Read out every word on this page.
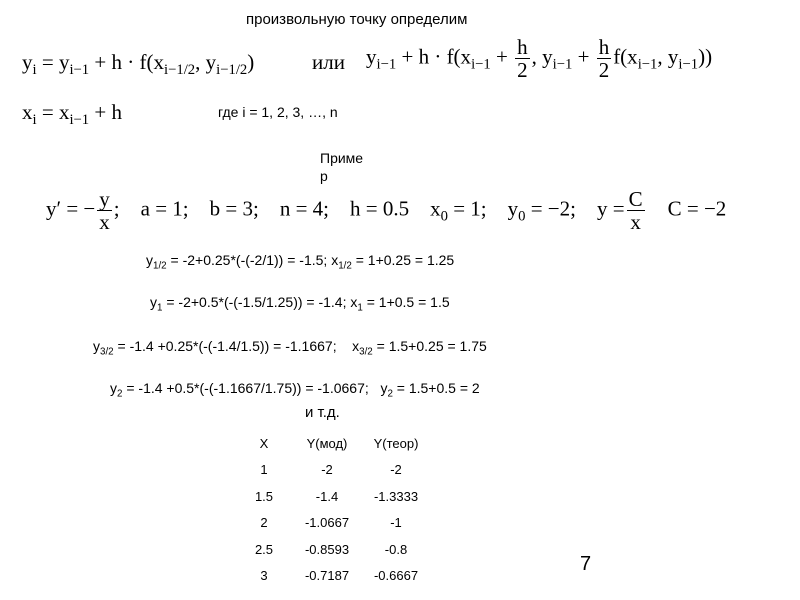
произвольную точку определим
$y_i = y_{i-1} + h \cdot f(x_{i-1/2}$, $y_{i-1/2}$)	или $y_{i-1} + h \cdot f(x_{i-1} + \frac{h}{2}$ , $y_{i-1} + \frac{h}{2} f(x_{i-1}$, $y_{i-1}$))
$x_i = x_{i-1} + h$	где i = 1, 2, 3, …, n
Приме
р
y′ = − $\frac{y}{x}$ ; a = 1; b = 3; n = 4; h = 0.5 $x_0 = 1$; $y_0 = -2$; $y = \frac{C}{x}$ C = −2
$y_{1/2} = -2+0.25*(-(-2/1)) = -1.5$; $x_{1/2} = 1+0.25 = 1.25$
$y_1 = -2+0.5*(-(-1.5/1.25)) = -1.4$; $x_1 = 1+0.5 = 1.5$
$y_{3/2} = -1.4 +0.25*(-(-1.4/1.5)) = -1.1667$;    $x_{3/2} = 1.5+0.25 = 1.75$
$y_2 = -1.4 +0.5*(-(-1.1667/1.75)) = -1.0667$;   $y_2 = 1.5+0.5 = 2$
и т.д.
X	Y(мод)	Y(теор)
1	-2	-2
1.5	-1.4	-1.3333
2	-1.0667	-1
2.5	-0.8593	-0.8
3	-0.7187	-0.6667
7
